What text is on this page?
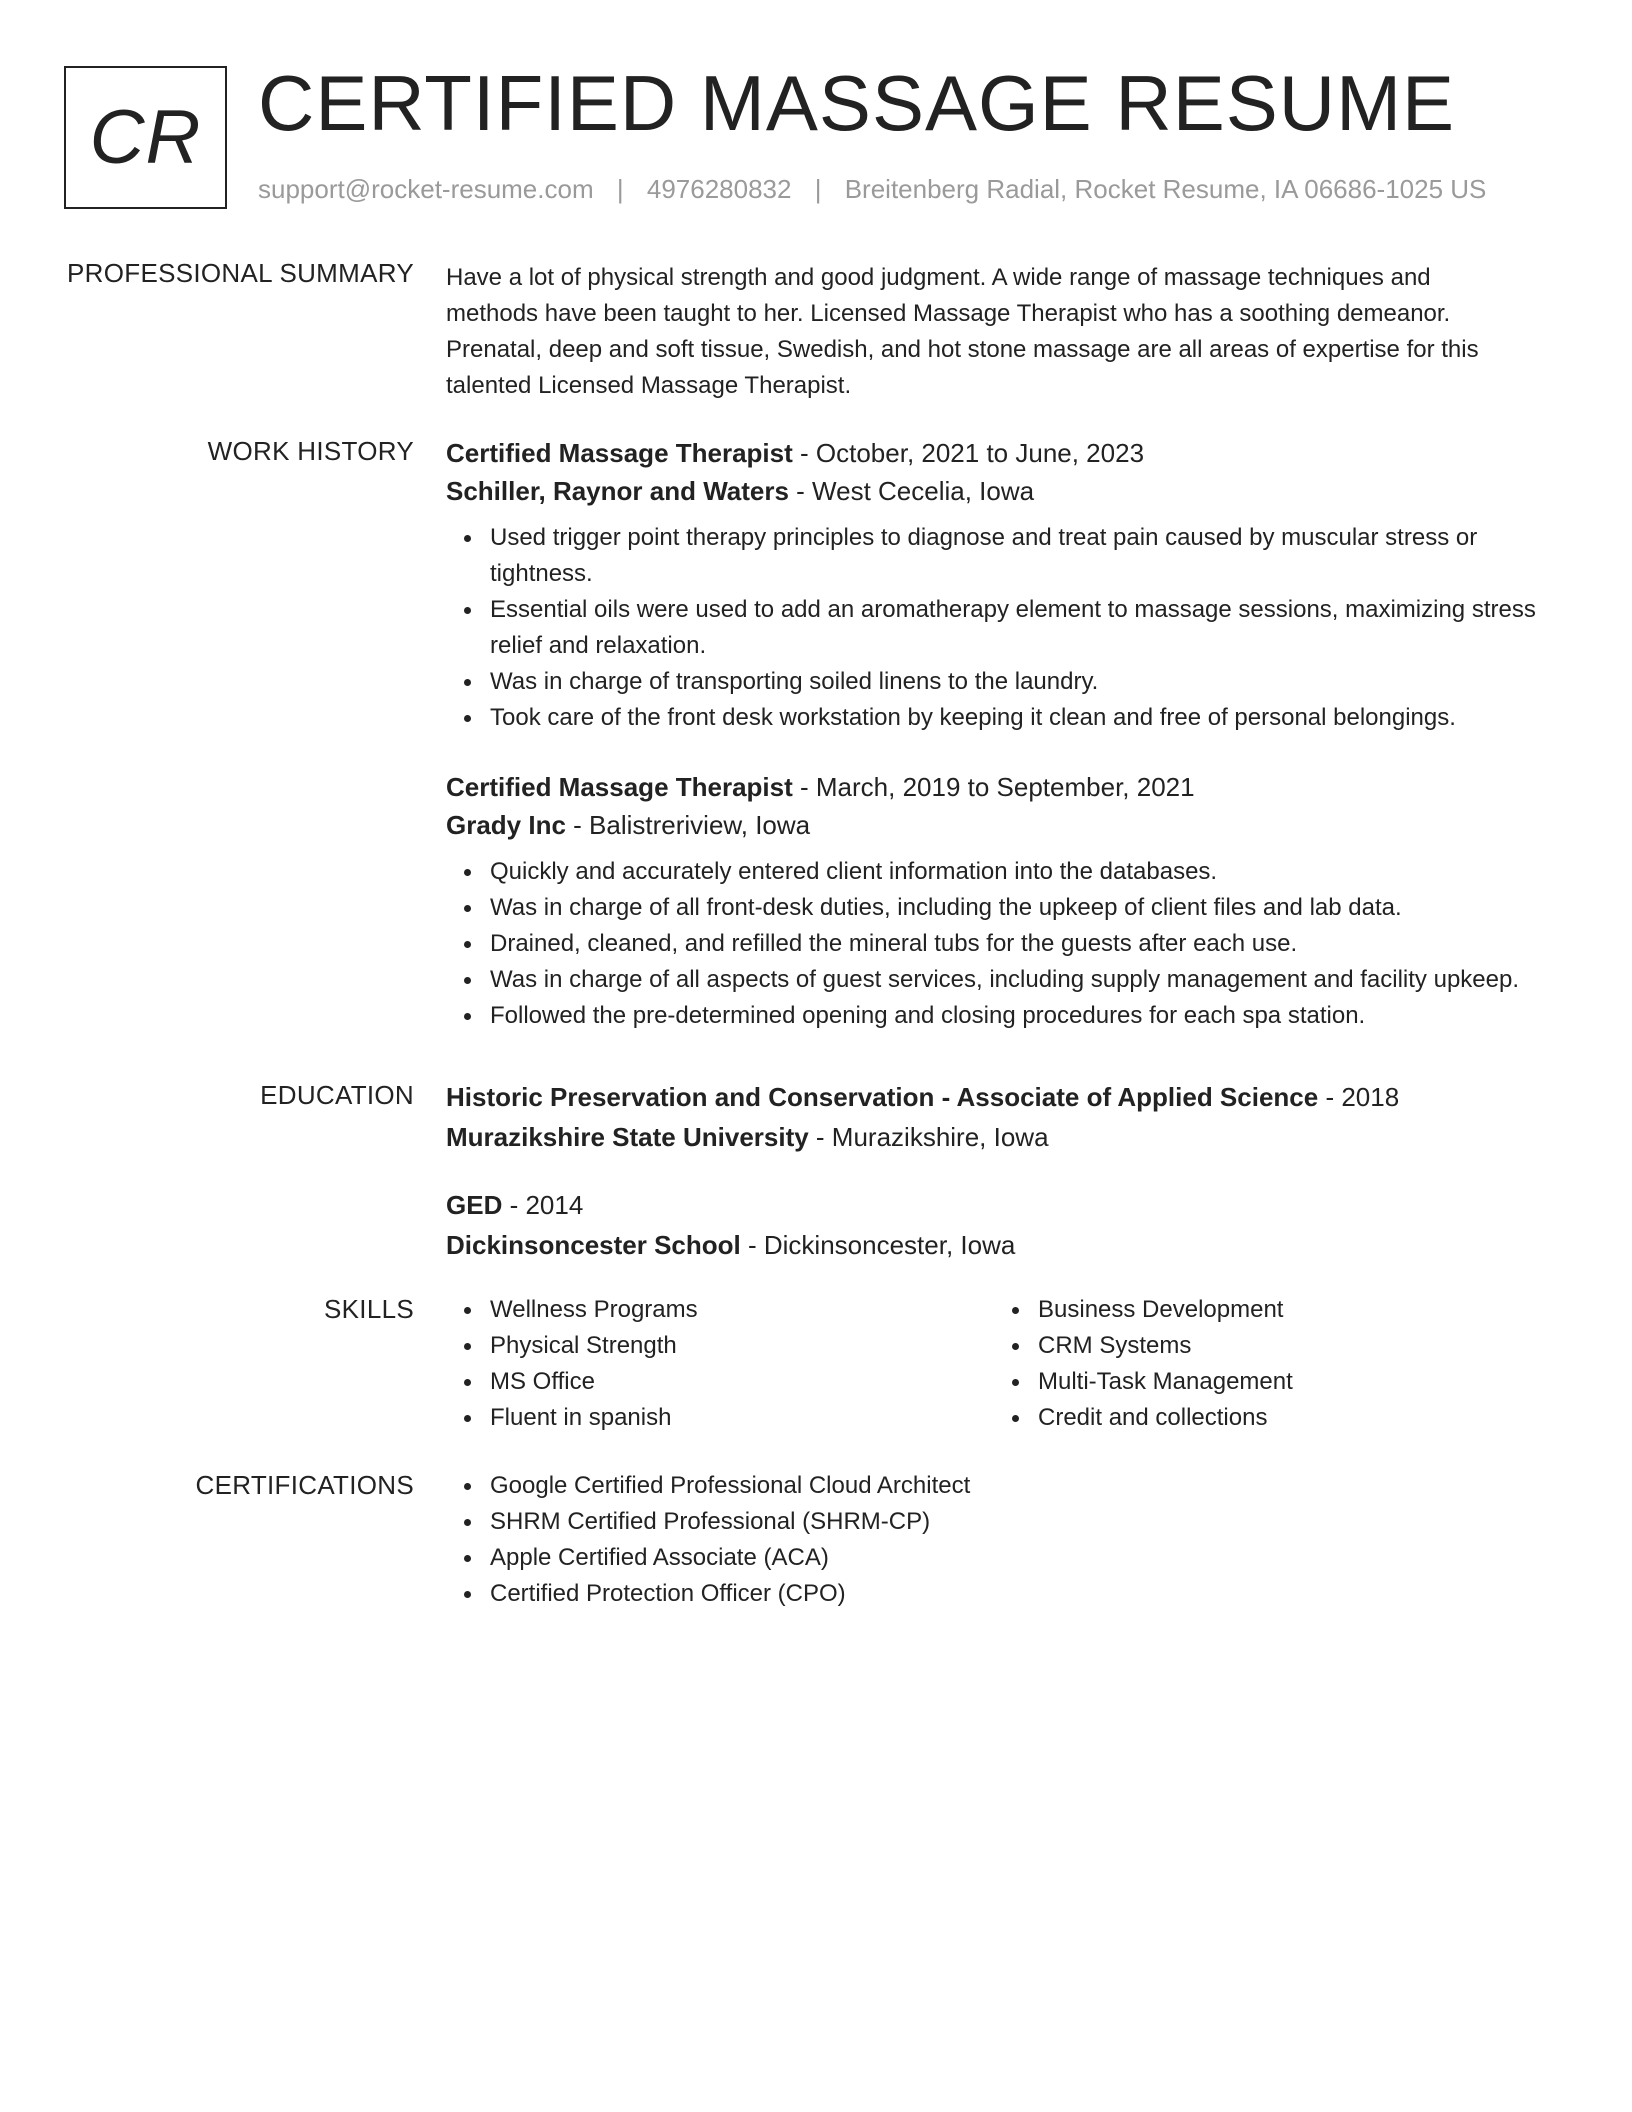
CR CERTIFIED MASSAGE RESUME
support@rocket-resume.com | 4976280832 | Breitenberg Radial, Rocket Resume, IA 06686-1025 US
PROFESSIONAL SUMMARY Have a lot of physical strength and good judgment. A wide range of massage techniques and

methods have been taught to her. Licensed Massage Therapist who has a soothing demeanor.

Prenatal, deep and soft tissue, Swedish, and hot stone massage are all areas of expertise for this

talented Licensed Massage Therapist.

WORK HISTORY Certified Massage Therapist - October, 2021 to June, 2023
Schiller, Raynor and Waters - West Cecelia, Iowa
Used trigger point therapy principles to diagnose and treat pain caused by muscular stress or tightness.
Essential oils were used to add an aromatherapy element to massage sessions, maximizing stress relief and relaxation.
Was in charge of transporting soiled linens to the laundry.
Took care of the front desk workstation by keeping it clean and free of personal belongings.
Certified Massage Therapist - March, 2019 to September, 2021
Grady Inc - Balistreriview, Iowa
Quickly and accurately entered client information into the databases.
Was in charge of all front-desk duties, including the upkeep of client files and lab data.
Drained, cleaned, and refilled the mineral tubs for the guests after each use.
Was in charge of all aspects of guest services, including supply management and facility upkeep.
Followed the pre-determined opening and closing procedures for each spa station.
EDUCATION Historic Preservation and Conservation - Associate of Applied Science - 2018
Murazikshire State University - Murazikshire, Iowa
GED - 2014
Dickinsoncester School - Dickinsoncester, Iowa
SKILLS	Wellness Programs
Physical Strength
MS Office
Fluent in spanish
Business Development
CRM Systems
Multi-Task Management
Credit and collections
CERTIFICATIONS	Google Certified Professional Cloud Architect
SHRM Certified Professional (SHRM-CP)
Apple Certified Associate (ACA)
Certified Protection Officer (CPO)
